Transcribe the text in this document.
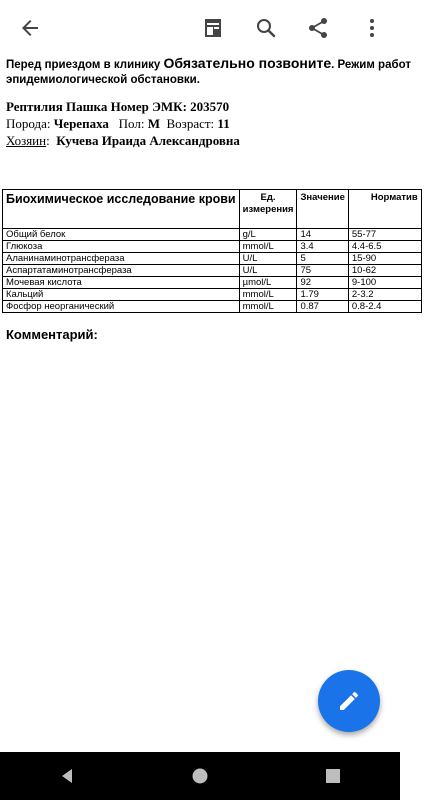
Перед приездом в клинику Обязательно позвоните. Режим работ
эпидемиологической обстановки.
Рептилия Пашка Номер ЭМК: 203570
Порода: Черепаха Пол: М Возраст: 11
Хозяин:  Кучева Ираида Александровна
Биохимическое исследование крови	Ед. измерения	Значение	Норматив
Общий белок	g/L	14	55-77
Глюкоза	mmol/L	3.4	4.4-6.5
Аланинаминотрансфераза	U/L	5	15-90
Аспартатаминотрансфераза	U/L	75	10-62
Мочевая кислота	µmol/L	92	9-100
Кальций	mmol/L	1.79	2-3.2
Фосфор неорганический	mmol/L	0.87	0.8-2.4
Комментарий:
